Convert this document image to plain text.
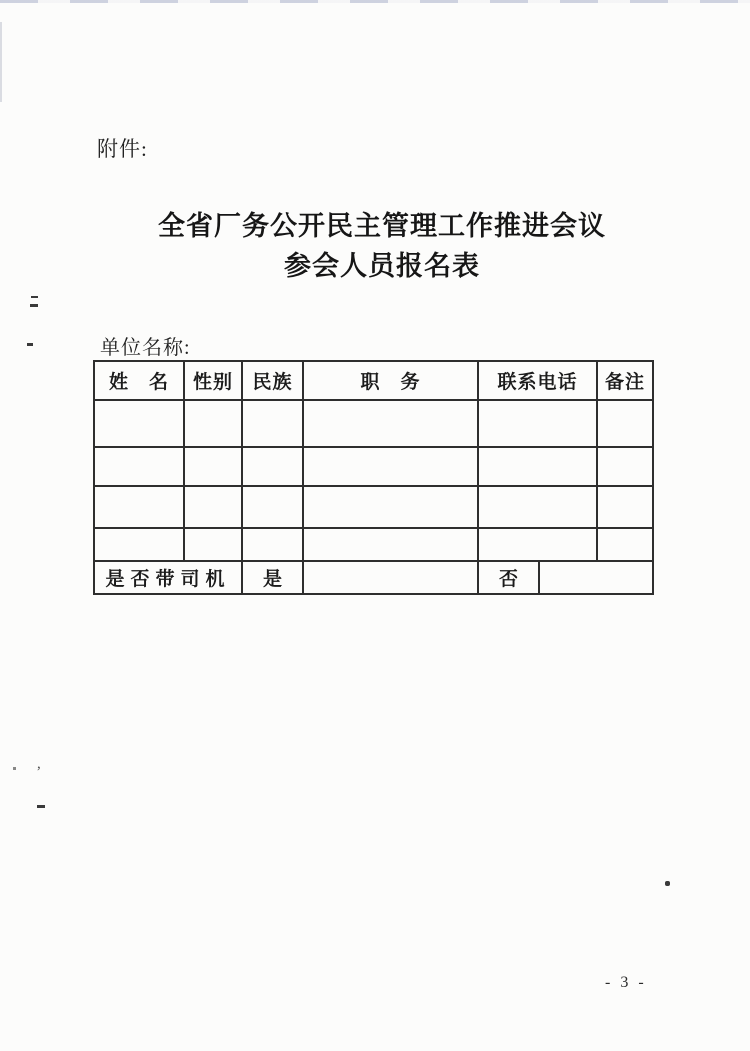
,
附件:
全省厂务公开民主管理工作推进会议
参会人员报名表
单位名称:
姓　名	性别	民族	职　务	联系电话	备注

是否带司机	是		否	
- 3 -
